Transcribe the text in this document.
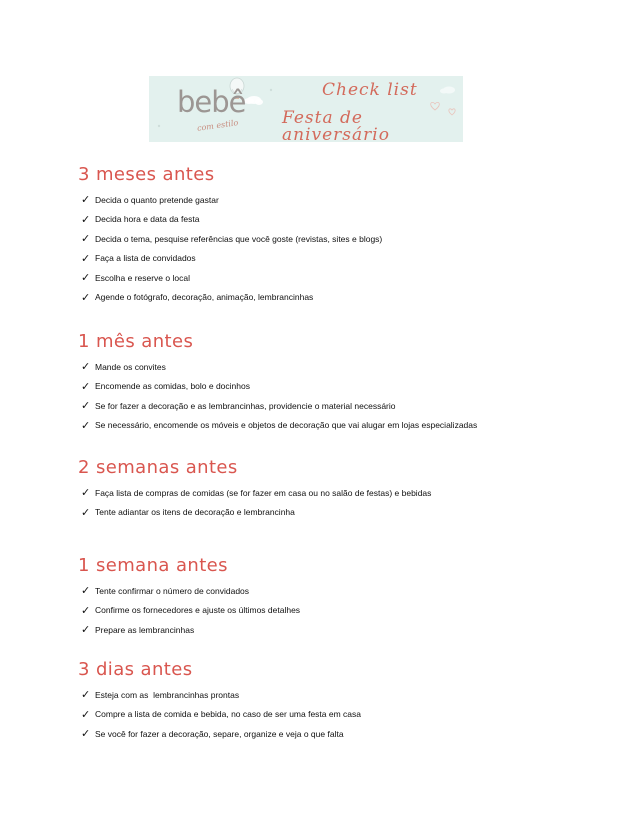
bebê
com estilo
Check list
Festa de aniversário
3 meses antes
✓ Decida o quanto pretende gastar
✓ Decida hora e data da festa
✓ Decida o tema, pesquise referências que você goste (revistas, sites e blogs)
✓ Faça a lista de convidados
✓ Escolha e reserve o local
✓ Agende o fotógrafo, decoração, animação, lembrancinhas
1 mês antes
✓ Mande os convites
✓ Encomende as comidas, bolo e docinhos
✓ Se for fazer a decoração e as lembrancinhas, providencie o material necessário
✓ Se necessário, encomende os móveis e objetos de decoração que vai alugar em lojas especializadas
2 semanas antes
✓ Faça lista de compras de comidas (se for fazer em casa ou no salão de festas) e bebidas
✓ Tente adiantar os itens de decoração e lembrancinha
1 semana antes
✓ Tente confirmar o número de convidados
✓ Confirme os fornecedores e ajuste os últimos detalhes
✓ Prepare as lembrancinhas
3 dias antes
✓ Esteja com as  lembrancinhas prontas
✓ Compre a lista de comida e bebida, no caso de ser uma festa em casa
✓ Se você for fazer a decoração, separe, organize e veja o que falta
